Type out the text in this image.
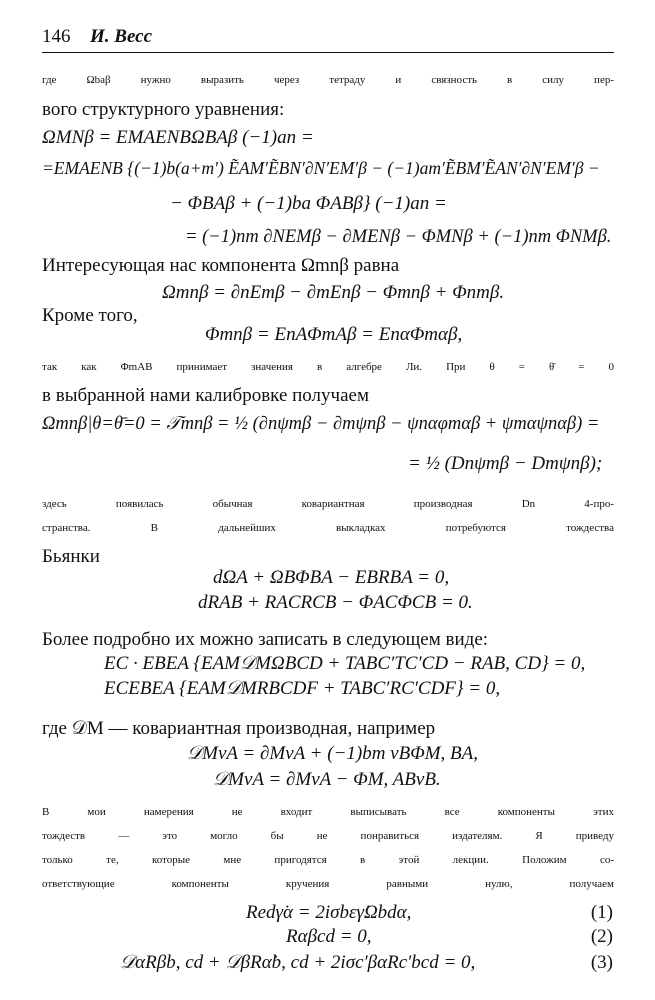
146 И. Весс
где Ωbaβ нужно выразить через тетраду и связность в силу пер-
вого структурного уравнения:
ΩMNβ = EMAENBΩBAβ (−1)an =
=EMAENB {(−1)b(a+m′) ẼAM′ẼBN′∂N′EM′β − (−1)am′ẼBM′ẼAN′∂N′EM′β −
− ΦBAβ + (−1)ba ΦABβ} (−1)an =
= (−1)nm ∂NEMβ − ∂MENβ − ΦMNβ + (−1)nm ΦNMβ.
Интересующая нас компонента Ωmnβ равна
Ωmnβ = ∂nEmβ − ∂mEnβ − Φmnβ + Φnmβ.
Кроме того,
Φmnβ = EnAΦmAβ = EnαΦmαβ,
так как ΦmAB принимает значения в алгебре Ли. При θ = θ̄ = 0
в выбранной нами калибровке получаем
Ωmnβ|θ=θ̄=0 = 𝒯mnβ = ½ (∂nψmβ − ∂mψnβ − ψnαφmαβ + ψmαψnαβ) =
= ½ (Dnψmβ − Dmψnβ);
здесь появилась обычная ковариантная производная Dn 4-про-
странства. В дальнейших выкладках потребуются тождества
Бьянки
dΩA + ΩBΦBA − EBRBA = 0,
dRAB + RACRCB − ΦACΦCB = 0.
Более подробно их можно записать в следующем виде:
EC · EBEA {EAM𝒟MΩBCD + TABC′TC′CD − RAB, CD} = 0,
ECEBEA {EAM𝒟MRBCDF + TABC′RC′CDF} = 0,
где 𝒟M — ковариантная производная, например
𝒟MvA = ∂MvA + (−1)bm vBΦM, BA,
𝒟MvA = ∂MvA − ΦM, ABvB.
В мои намерения не входит выписывать все компоненты этих
тождеств — это могло бы не понравиться издателям. Я приведу
только те, которые мне пригодятся в этой лекции. Положим со-
ответствующие компоненты кручения равными нулю, получаем
Redγ̇α = 2iσbεγ̇Ωbdα,	(1)
Rαβcd = 0,	(2)
𝒟α̇Rβb, cd + 𝒟βRα̇b, cd + 2iσc′βα̇Rc′bcd = 0,	(3)
